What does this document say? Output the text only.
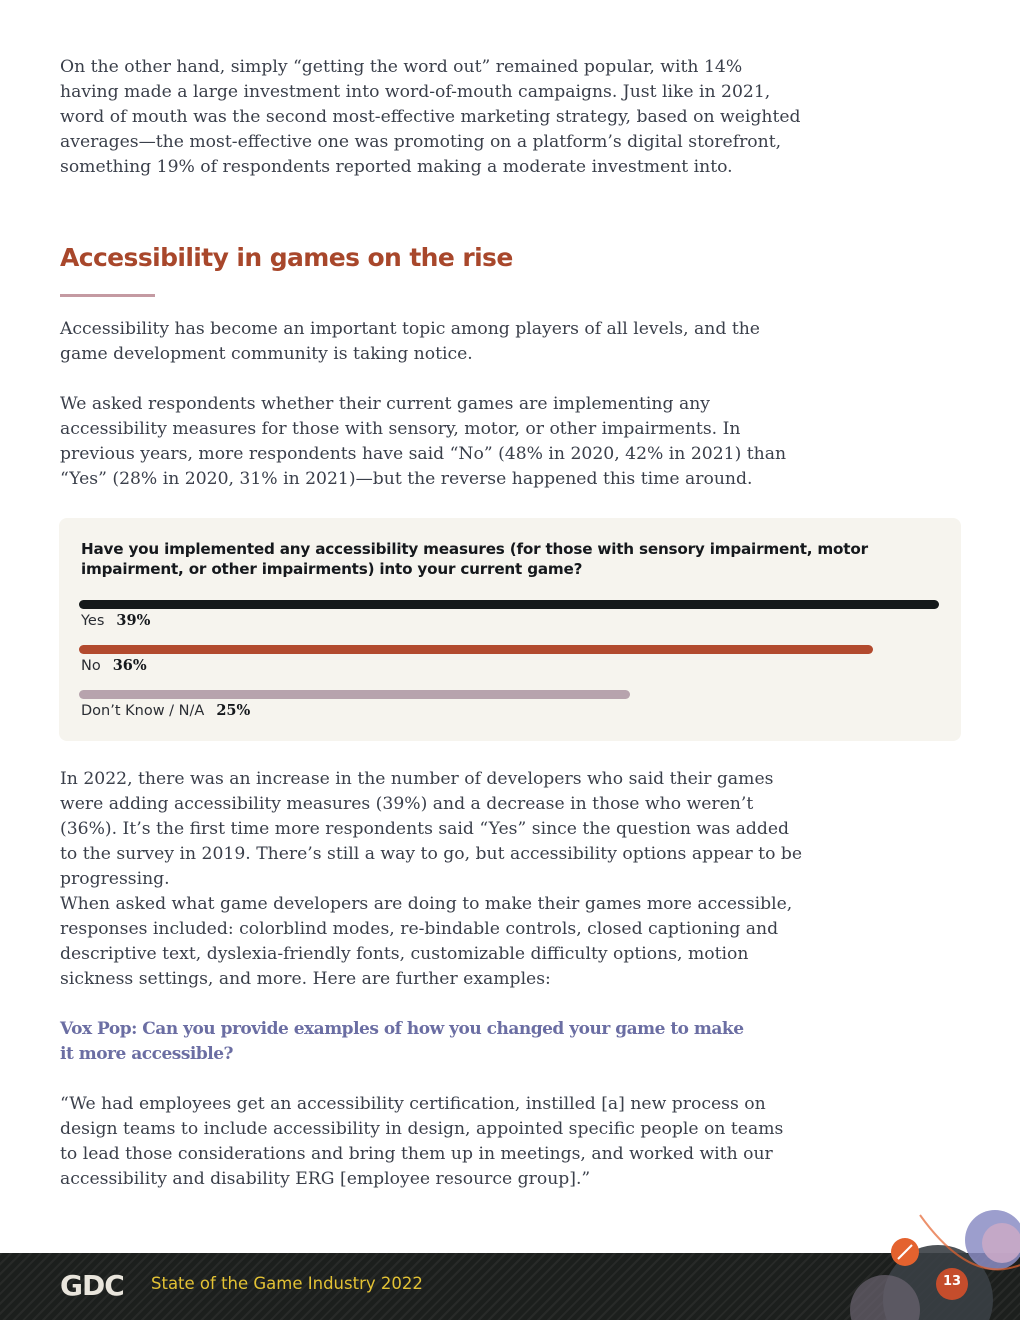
On the other hand, simply “getting the word out” remained popular, with 14% having made a large investment into word-of-mouth campaigns. Just like in 2021, word of mouth was the second most-effective marketing strategy, based on weighted averages—the most-effective one was promoting on a platform’s digital storefront, something 19% of respondents reported making a moderate investment into.

Accessibility in games on the rise

Accessibility has become an important topic among players of all levels, and the game development community is taking notice.

We asked respondents whether their current games are implementing any accessibility measures for those with sensory, motor, or other impairments. In previous years, more respondents have said “No” (48% in 2020, 42% in 2021) than “Yes” (28% in 2020, 31% in 2021)—but the reverse happened this time around.

Have you implemented any accessibility measures (for those with sensory impairment, motor impairment, or other impairments) into your current game?

Yes 39%
No 36%
Don’t Know / N/A 25%

In 2022, there was an increase in the number of developers who said their games were adding accessibility measures (39%) and a decrease in those who weren’t (36%). It’s the first time more respondents said “Yes” since the question was added to the survey in 2019. There’s still a way to go, but accessibility options appear to be progressing.

When asked what game developers are doing to make their games more accessible, responses included: colorblind modes, re-bindable controls, closed captioning and descriptive text, dyslexia-friendly fonts, customizable difficulty options, motion sickness settings, and more. Here are further examples:

Vox Pop: Can you provide examples of how you changed your game to make it more accessible?

“We had employees get an accessibility certification, instilled [a] new process on design teams to include accessibility in design, appointed specific people on teams to lead those considerations and bring them up in meetings, and worked with our accessibility and disability ERG [employee resource group].”

GDC State of the Game Industry 2022	13
